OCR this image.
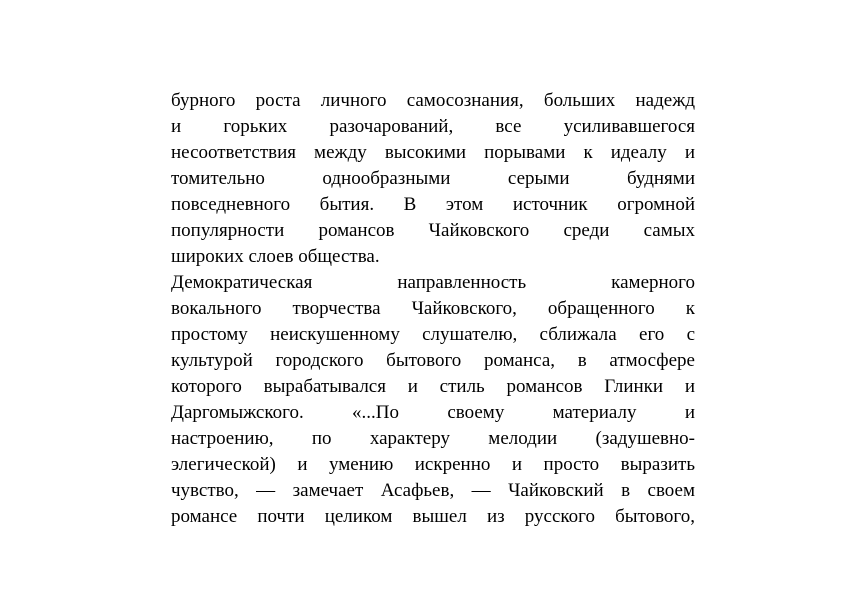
бурного роста личного самосознания, больших надежд
и горьких разочарований, все усиливавшегося
несоответствия между высокими порывами к идеалу и
томительно однообразными серыми буднями
повседневного бытия. В этом источник огромной
популярности романсов Чайковского среди самых
широких слоев общества.
Демократическая направленность камерного
вокального творчества Чайковского, обращенного к
простому неискушенному слушателю, сближала его с
культурой городского бытового романса, в атмосфере
которого вырабатывался и стиль романсов Глинки и
Даргомыжского. «...По своему материалу и
настроению, по характеру мелодии (задушевно-
элегической) и умению искренно и просто выразить
чувство, — замечает Асафьев, — Чайковский в своем
романсе почти целиком вышел из русского бытового,
